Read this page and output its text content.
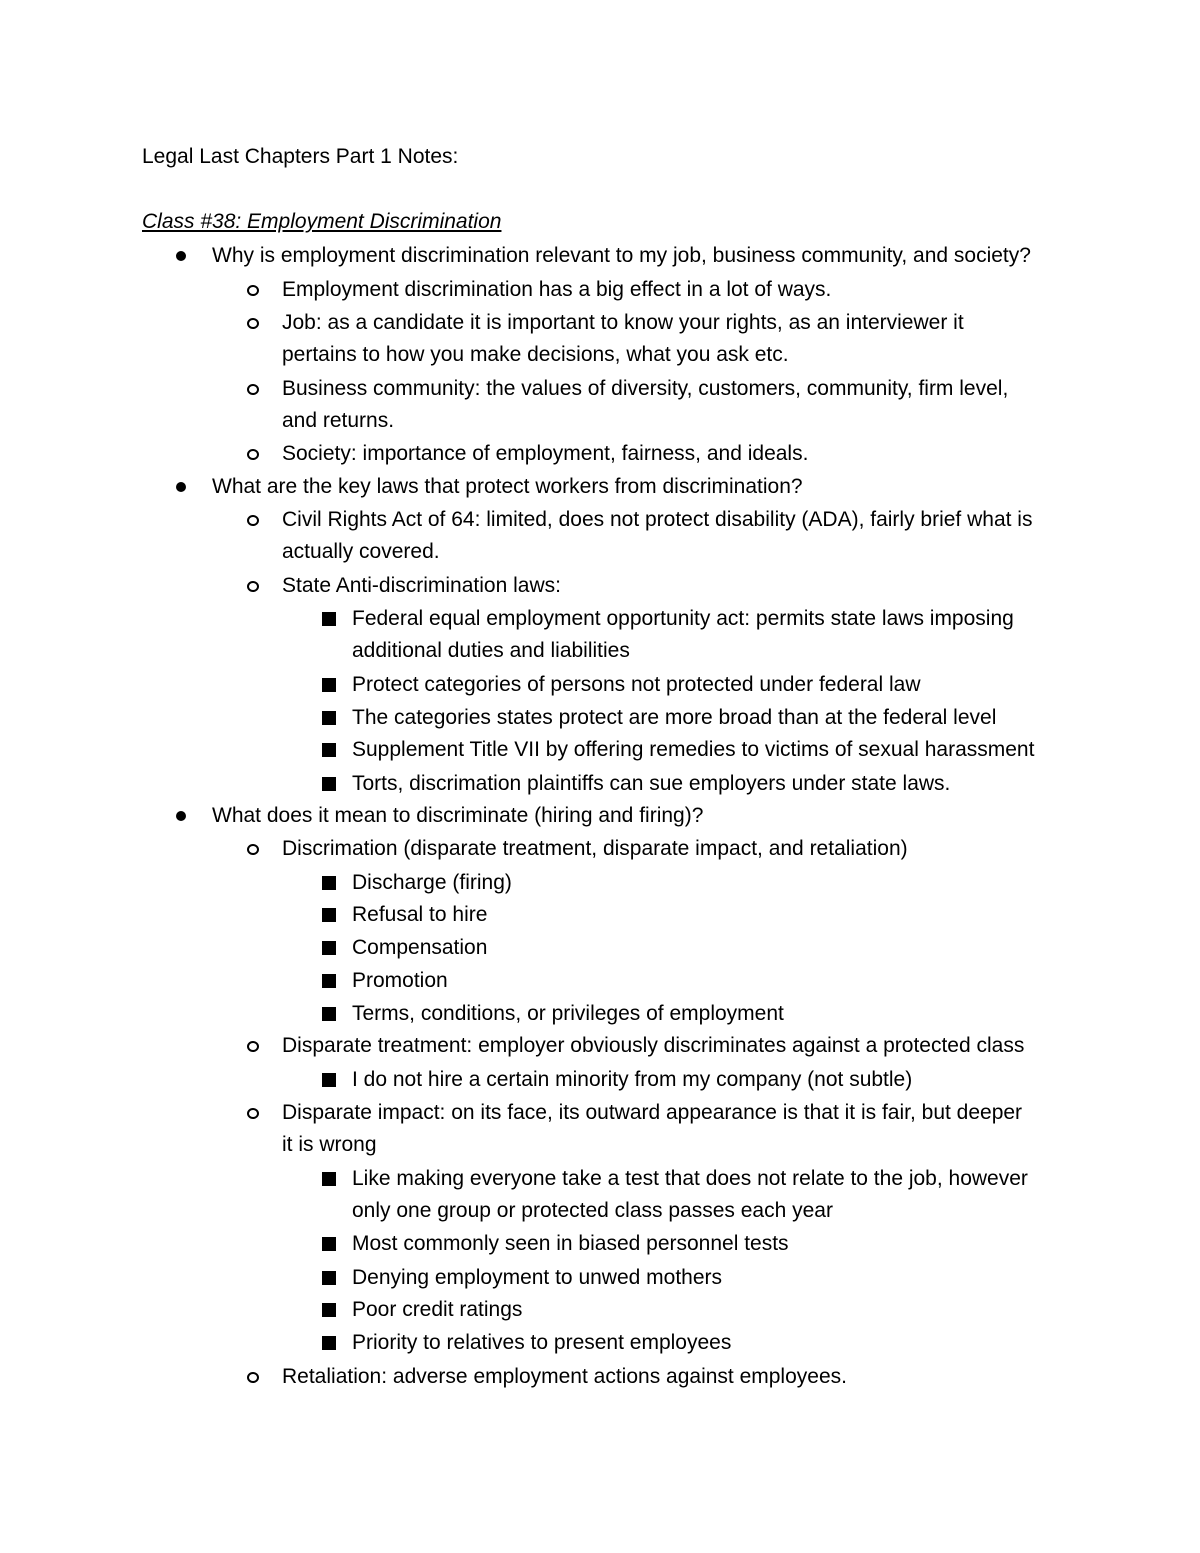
Legal Last Chapters Part 1 Notes:
Class #38: Employment Discrimination
Why is employment discrimination relevant to my job, business community, and society?
Employment discrimination has a big effect in a lot of ways.
Job: as a candidate it is important to know your rights, as an interviewer it
pertains to how you make decisions, what you ask etc.
Business community: the values of diversity, customers, community, firm level,
and returns.
Society: importance of employment, fairness, and ideals.
What are the key laws that protect workers from discrimination?
Civil Rights Act of 64: limited, does not protect disability (ADA), fairly brief what is
actually covered.
State Anti-discrimination laws:
Federal equal employment opportunity act: permits state laws imposing
additional duties and liabilities
Protect categories of persons not protected under federal law
The categories states protect are more broad than at the federal level
Supplement Title VII by offering remedies to victims of sexual harassment
Torts, discrimation plaintiffs can sue employers under state laws.
What does it mean to discriminate (hiring and firing)?
Discrimation (disparate treatment, disparate impact, and retaliation)
Discharge (firing)
Refusal to hire
Compensation
Promotion
Terms, conditions, or privileges of employment
Disparate treatment: employer obviously discriminates against a protected class
I do not hire a certain minority from my company (not subtle)
Disparate impact: on its face, its outward appearance is that it is fair, but deeper
it is wrong
Like making everyone take a test that does not relate to the job, however
only one group or protected class passes each year
Most commonly seen in biased personnel tests
Denying employment to unwed mothers
Poor credit ratings
Priority to relatives to present employees
Retaliation: adverse employment actions against employees.
